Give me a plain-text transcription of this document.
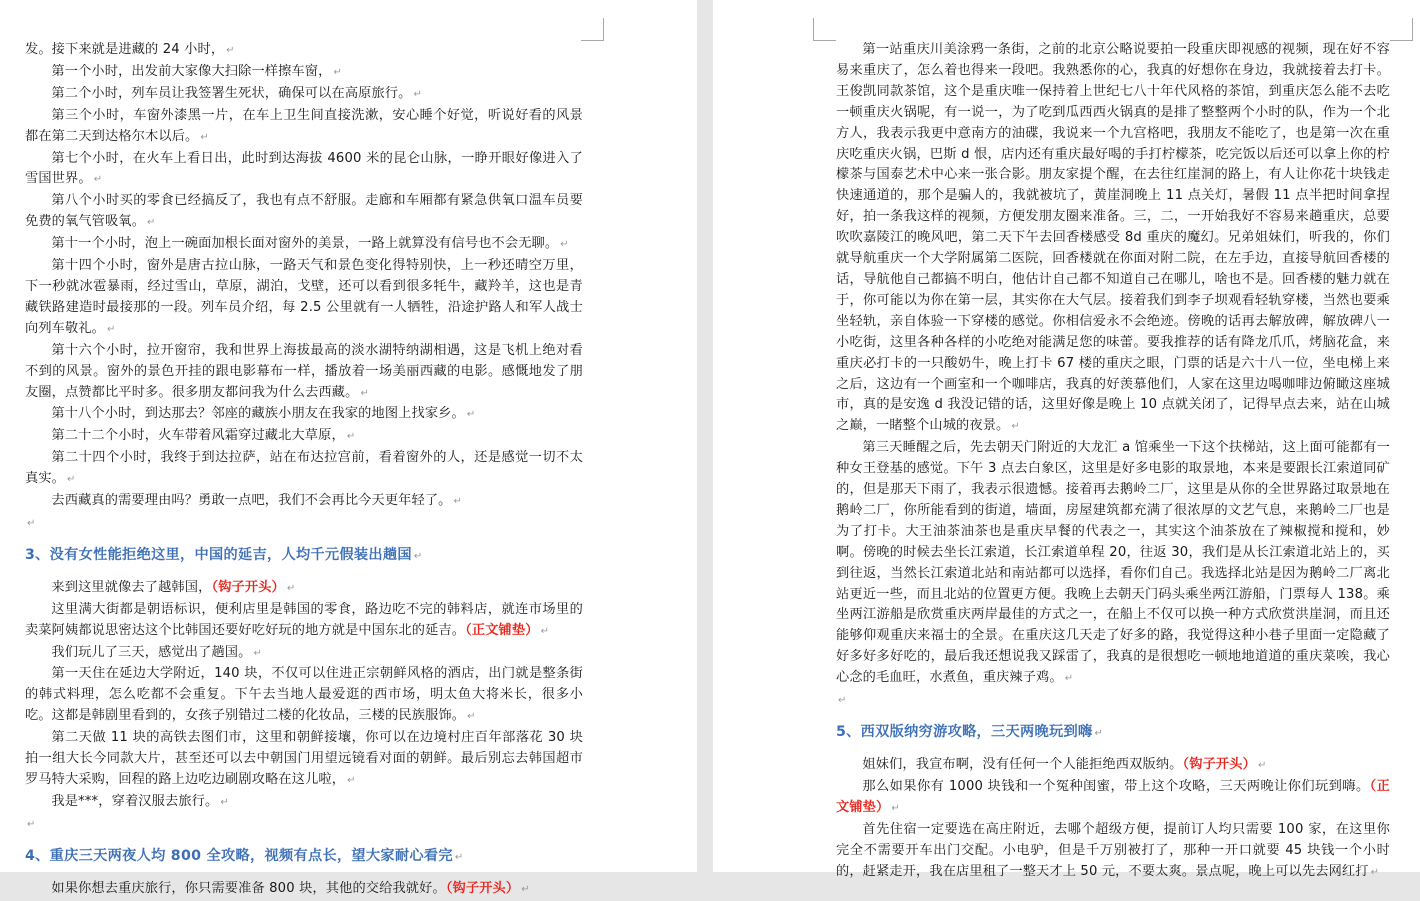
发。接下来就是进藏的 24 小时， ↵

第一个小时，出发前大家像大扫除一样擦车窗， ↵

第二个小时，列车员让我签署生死状，确保可以在高原旅行。 ↵

第三个小时，车窗外漆黑一片，在车上卫生间直接洗漱，安心睡个好觉，听说好看的风景都在第二天到达格尔木以后。 ↵

第七个小时，在火车上看日出，此时到达海拔 4600 米的昆仑山脉，一睁开眼好像进入了雪国世界。 ↵

第八个小时买的零食已经搞反了，我也有点不舒服。走廊和车厢都有紧急供氧口温车员要免费的氧气管吸氧。 ↵

第十一个小时，泡上一碗面加根长面对窗外的美景，一路上就算没有信号也不会无聊。 ↵

第十四个小时，窗外是唐古拉山脉，一路天气和景色变化得特别快，上一秒还晴空万里，下一秒就冰雹暴雨，经过雪山，草原，湖泊，戈壁，还可以看到很多牦牛，藏羚羊，这也是青藏铁路建造时最接那的一段。列车员介绍，每 2.5 公里就有一人牺牲，沿途护路人和军人战士向列车敬礼。 ↵

第十六个小时，拉开窗帘，我和世界上海拔最高的淡水湖特纳湖相遇，这是飞机上绝对看不到的风景。窗外的景色开挂的跟电影幕布一样，播放着一场美丽西藏的电影。感慨地发了朋友圈，点赞都比平时多。很多朋友都问我为什么去西藏。 ↵

第十八个小时，到达那去？邻座的藏族小朋友在我家的地图上找家乡。 ↵

第二十二个小时，火车带着风霜穿过藏北大草原， ↵

第二十四个小时，我终于到达拉萨，站在布达拉宫前，看着窗外的人，还是感觉一切不太真实。 ↵

去西藏真的需要理由吗？勇敢一点吧，我们不会再比今天更年轻了。 ↵

↵

3、没有女性能拒绝这里，中国的延吉，人均千元假装出趟国 ↵

来到这里就像去了越韩国，（钩子开头） ↵

这里满大街都是朝语标识，便利店里是韩国的零食，路边吃不完的韩料店，就连市场里的卖菜阿姨都说思密达这个比韩国还要好吃好玩的地方就是中国东北的延吉。（正文铺垫） ↵

我们玩儿了三天，感觉出了趟国。 ↵

第一天住在延边大学附近，140 块，不仅可以住进正宗朝鲜风格的酒店，出门就是整条街的韩式料理，怎么吃都不会重复。下午去当地人最爱逛的西市场，明太鱼大将米长，很多小吃。这都是韩剧里看到的，女孩子别错过二楼的化妆品，三楼的民族服饰。 ↵

第二天做 11 块的高铁去图们市，这里和朝鲜接壤，你可以在边境村庄百年部落花 30 块拍一组大长今同款大片，甚至还可以去中朝国门用望远镜看对面的朝鲜。最后别忘去韩国超市罗马特大采购，回程的路上边吃边刷剧攻略在这儿啦， ↵

我是***，穿着汉服去旅行。 ↵

↵

4、重庆三天两夜人均 800 全攻略，视频有点长，望大家耐心看完 ↵

如果你想去重庆旅行，你只需要准备 800 块，其他的交给我就好。（钩子开头） ↵

第一站重庆川美涂鸦一条街，之前的北京公略说要拍一段重庆即视感的视频，现在好不容易来重庆了，怎么着也得来一段吧。我熟悉你的心，我真的好想你在身边，我就接着去打卡。王俊凯同款茶馆，这个是重庆唯一保持着上世纪七八十年代风格的茶馆，到重庆怎么能不去吃一顿重庆火锅呢，有一说一，为了吃到瓜西西火锅真的是排了整整两个小时的队，作为一个北方人，我表示我更中意南方的油碟，我说来一个九宫格吧，我朋友不能吃了，也是第一次在重庆吃重庆火锅，巴斯 d 恨，店内还有重庆最好喝的手打柠檬茶，吃完饭以后还可以拿上你的柠檬茶与国泰艺术中心来一张合影。朋友家提个醒，在去往红崖洞的路上，有人让你花十块钱走快速通道的，那个是骗人的，我就被坑了，黄崖洞晚上 11 点关灯，暑假 11 点半把时间拿捏好，拍一条我这样的视频，方便发朋友圈来准备。三，二，一开始我好不容易来趟重庆，总要吹吹嘉陵江的晚风吧，第二天下午去回香楼感受 8d 重庆的魔幻。兄弟姐妹们，听我的，你们就导航重庆一个大学附属第二医院，回香楼就在你面对附二院，在左手边，直接导航回香楼的话，导航他自己都搞不明白，他估计自己都不知道自己在哪儿，啥也不是。回香楼的魅力就在于，你可能以为你在第一层，其实你在大气层。接着我们到李子坝观看轻轨穿楼，当然也要乘坐轻轨，亲自体验一下穿楼的感觉。你相信爱永不会绝迹。傍晚的话再去解放碑，解放碑八一小吃街，这里各种各样的小吃绝对能满足您的味蕾。要我推荐的话有降龙爪爪，烤脑花盒，来重庆必打卡的一只酸奶牛，晚上打卡 67 楼的重庆之眼，门票的话是六十八一位，坐电梯上来之后，这边有一个画室和一个咖啡店，我真的好羡慕他们，人家在这里边喝咖啡边俯瞰这座城市，真的是安逸 d 我没记错的话，这里好像是晚上 10 点就关闭了，记得早点去来，站在山城之巅，一睹整个山城的夜景。 ↵

第三天睡醒之后，先去朝天门附近的大龙汇 a 馆乘坐一下这个扶梯站，这上面可能都有一种女王登基的感觉。下午 3 点去白象区，这里是好多电影的取景地，本来是要跟长江索道同矿的，但是那天下雨了，我表示很遗憾。接着再去鹅岭二厂，这里是从你的全世界路过取景地在鹅岭二厂，你所能看到的街道，墙面，房屋建筑都充满了很浓厚的文艺气息，来鹅岭二厂也是为了打卡。大王油茶油茶也是重庆早餐的代表之一，其实这个油茶放在了辣椒搅和搅和，妙啊。傍晚的时候去坐长江索道，长江索道单程 20，往返 30，我们是从长江索道北站上的，买到往返，当然长江索道北站和南站都可以选择，看你们自己。我选择北站是因为鹅岭二厂离北站更近一些，而且北站的位置更方便。我晚上去朝天门码头乘坐两江游船，门票每人 138。乘坐两江游船是欣赏重庆两岸最佳的方式之一，在船上不仅可以换一种方式欣赏洪崖洞，而且还能够仰观重庆来福士的全景。在重庆这几天走了好多的路，我觉得这种小巷子里面一定隐藏了好多好多好吃的，最后我还想说我又踩雷了，我真的是很想吃一顿地地道道的重庆菜唉，我心心念的毛血旺，水煮鱼，重庆辣子鸡。 ↵

↵

5、西双版纳穷游攻略，三天两晚玩到嗨 ↵

姐妹们，我宣布啊，没有任何一个人能拒绝西双版纳。（钩子开头） ↵

那么如果你有 1000 块钱和一个冤种闺蜜，带上这个攻略，三天两晚让你们玩到嗨。（正文铺垫） ↵

首先住宿一定要选在高庄附近，去哪个超级方便，提前订人均只需要 100 家，在这里你完全不需要开车出门交配。小电驴，但是千万别被打了，那种一开口就要 45 块钱一个小时的，赶紧走开，我在店里租了一整天才上 50 元，不要太爽。景点呢，晚上可以先去网红打 ↵
